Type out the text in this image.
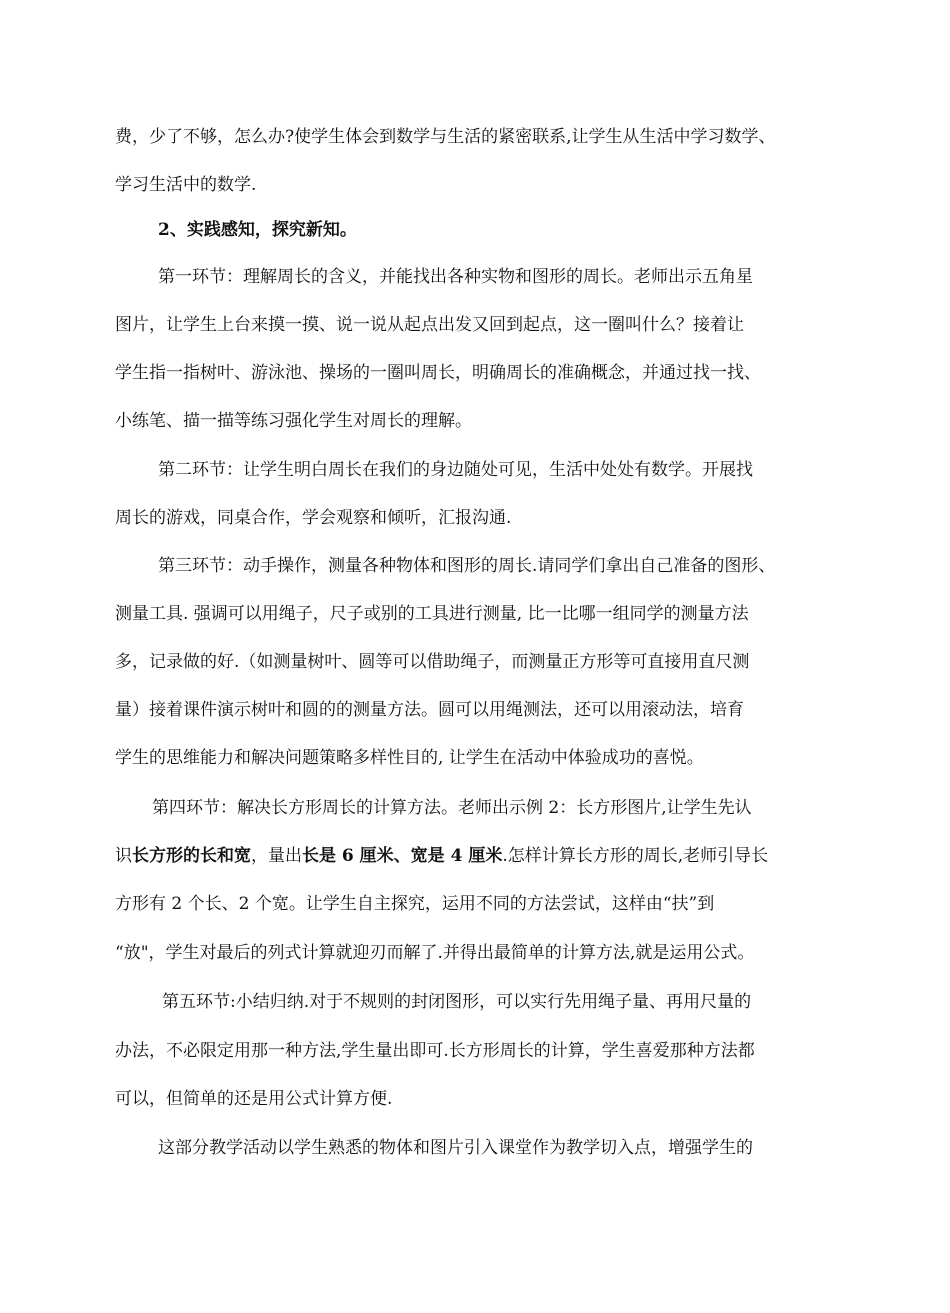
费，少了不够，怎么办?使学生体会到数学与生活的紧密联系,让学生从生活中学习数学、
学习生活中的数学.
2、实践感知，探究新知。
第一环节：理解周长的含义，并能找出各种实物和图形的周长。老师出示五角星
图片，让学生上台来摸一摸、说一说从起点出发又回到起点，这一圈叫什么？接着让
学生指一指树叶、游泳池、操场的一圈叫周长，明确周长的准确概念，并通过找一找、
小练笔、描一描等练习强化学生对周长的理解。
第二环节：让学生明白周长在我们的身边随处可见，生活中处处有数学。开展找
周长的游戏，同桌合作，学会观察和倾听，汇报沟通.
第三环节：动手操作，测量各种物体和图形的周长.请同学们拿出自己准备的图形、
测量工具. 强调可以用绳子，尺子或别的工具进行测量, 比一比哪一组同学的测量方法
多，记录做的好.（如测量树叶、圆等可以借助绳子，而测量正方形等可直接用直尺测
量）接着课件演示树叶和圆的的测量方法。圆可以用绳测法，还可以用滚动法，培育
学生的思维能力和解决问题策略多样性目的, 让学生在活动中体验成功的喜悦。
第四环节：解决长方形周长的计算方法。老师出示例 2：长方形图片,让学生先认
识长方形的长和宽，量出长是 6 厘米、宽是 4 厘米.怎样计算长方形的周长,老师引导长
方形有 2 个长、2 个宽。让学生自主探究，运用不同的方法尝试，这样由“扶”到
“放"，学生对最后的列式计算就迎刃而解了.并得出最简单的计算方法,就是运用公式。
第五环节:小结归纳.对于不规则的封闭图形，可以实行先用绳子量、再用尺量的
办法，不必限定用那一种方法,学生量出即可.长方形周长的计算，学生喜爱那种方法都
可以，但简单的还是用公式计算方便.
这部分教学活动以学生熟悉的物体和图片引入课堂作为教学切入点，增强学生的
